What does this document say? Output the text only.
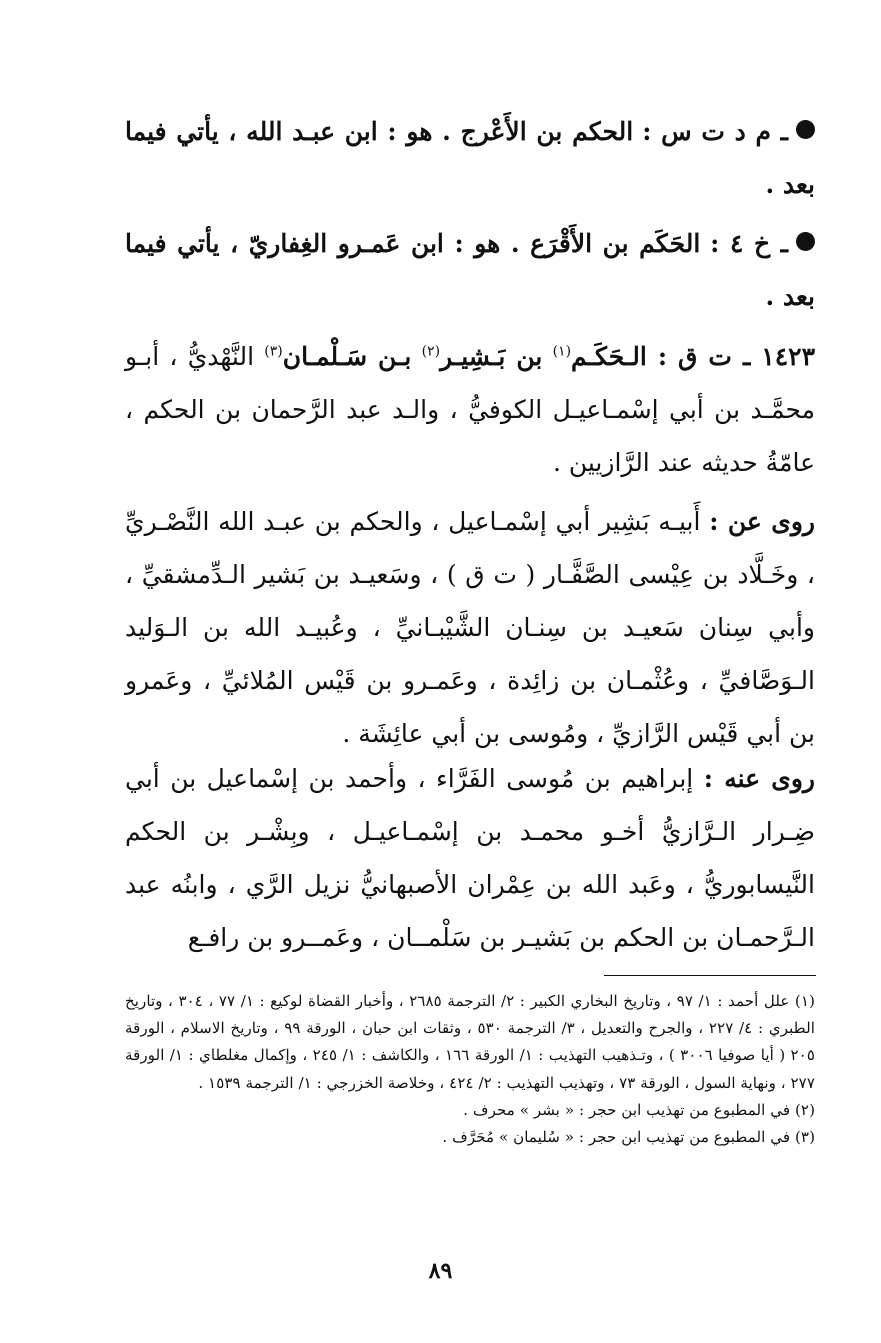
ـ م د ت س : الحكم بن الأَعْرج . هو : ابن عبـد الله ، يأتي فيما بعد .

ـ خ ٤ : الحَكَم بن الأَقْرَع . هو : ابن عَمـرو الغِفاريّ ، يأتي فيما بعد .

١٤٢٣ ـ ت ق : الـحَكَـم$^{(١)}$ بن بَـشِيـر$^{(٢)}$ بـن سَـلْمـان$^{(٣)}$ النَّهْديُّ ، أبـو محمَّـد بن أبي إسْمـاعيـل الكوفيُّ ، والـد عبد الرَّحمان بن الحكم ، عامّةُ حديثه عند الرَّازيين .

روى عن : أَبيـه بَشِير أبي إسْمـاعيل ، والحكم بن عبـد الله النَّصْـريِّ ، وخَـلَّاد بن عِيْسى الصَّفَّـار ( ت ق ) ، وسَعيـد بن بَشير الـدِّمشقيِّ ، وأبي سِنان سَعيـد بن سِنـان الشَّيْبـانيِّ ، وعُبيـد الله بن الـوَليد الـوَصَّافيِّ ، وعُثْمـان بن زائِدة ، وعَمـرو بن قَيْس المُلائيِّ ، وعَمرو بن أبي قَيْس الرَّازيِّ ، ومُوسى بن أبي عائِشَة .

روى عنه : إبراهيم بن مُوسى الفَرَّاء ، وأحمد بن إسْماعيل بن أبي ضِـرار الـرَّازيُّ أخـو محمـد بن إسْمـاعيـل ، وبِشْـر بن الحكم النَّيسابوريُّ ، وعَبد الله بن عِمْران الأصبهانيُّ نزيل الرَّي ، وابنُه عبد الـرَّحمـان بن الحكم بن بَشيـر بن سَلْمــان ، وعَمــرو بن رافـع

(١) علل أحمد : ١/ ٩٧ ، وتاريخ البخاري الكبير : ٢/ الترجمة ٢٦٨٥ ، وأخبار القضاة لوكيع : ١/ ٧٧ ، ٣٠٤ ، وتاريخ الطبري : ٤/ ٢٢٧ ، والجرح والتعديل ، ٣/ الترجمة ٥٣٠ ، وثقات ابن حبان ، الورقة ٩٩ ، وتاريخ الاسلام ، الورقة ٢٠٥ ( أيا صوفيا ٣٠٠٦ ) ، وتـذهيب التهذيب : ١/ الورقة ١٦٦ ، والكاشف : ١/ ٢٤٥ ، وإكمال مغلطاي : ١/ الورقة ٢٧٧ ، ونهاية السول ، الورقة ٧٣ ، وتهذيب التهذيب : ٢/ ٤٢٤ ، وخلاصة الخزرجي : ١/ الترجمة ١٥٣٩ .

(٢) في المطبوع من تهذيب ابن حجر : « بشر » محرف .

(٣) في المطبوع من تهذيب ابن حجر : « سُليمان » مُحَرَّف .

٨٩
